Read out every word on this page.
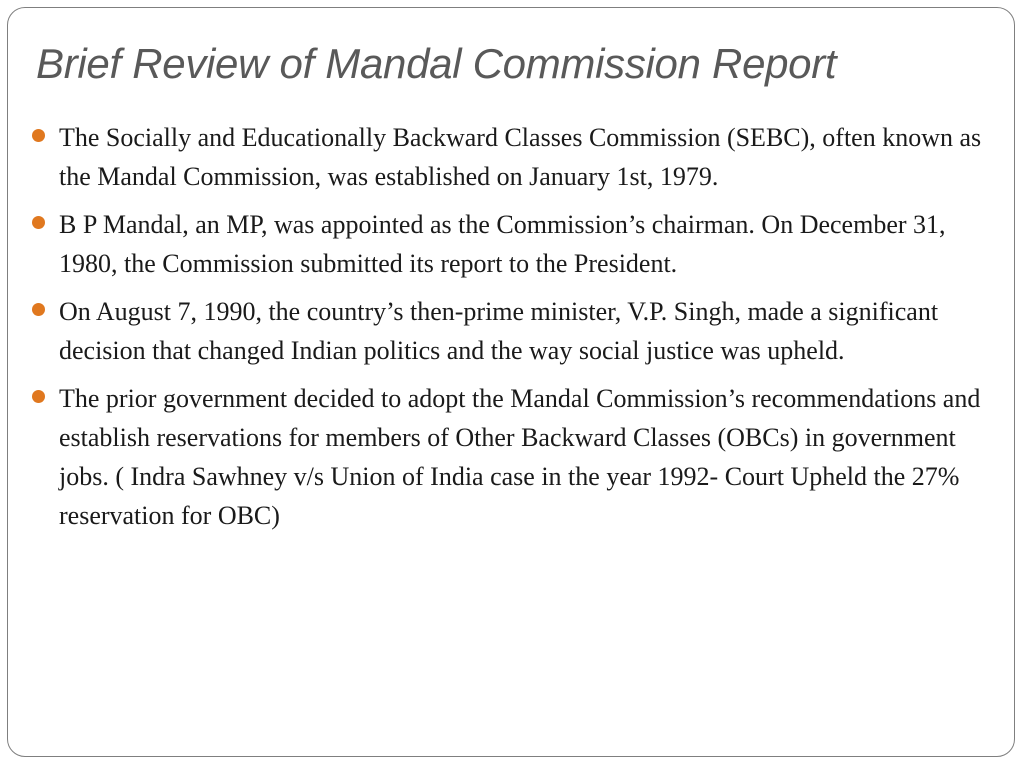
Brief Review of Mandal Commission Report
The Socially and Educationally Backward Classes Commission (SEBC), often known as the Mandal Commission, was established on January 1st, 1979.
B P Mandal, an MP, was appointed as the Commission’s chairman. On December 31, 1980, the Commission submitted its report to the President.
On August 7, 1990, the country’s then-prime minister, V.P. Singh, made a significant decision that changed Indian politics and the way social justice was upheld.
The prior government decided to adopt the Mandal Commission’s recommendations and establish reservations for members of Other Backward Classes (OBCs) in government jobs. ( Indra Sawhney v/s Union of India case in the year 1992- Court Upheld the 27% reservation for OBC)
